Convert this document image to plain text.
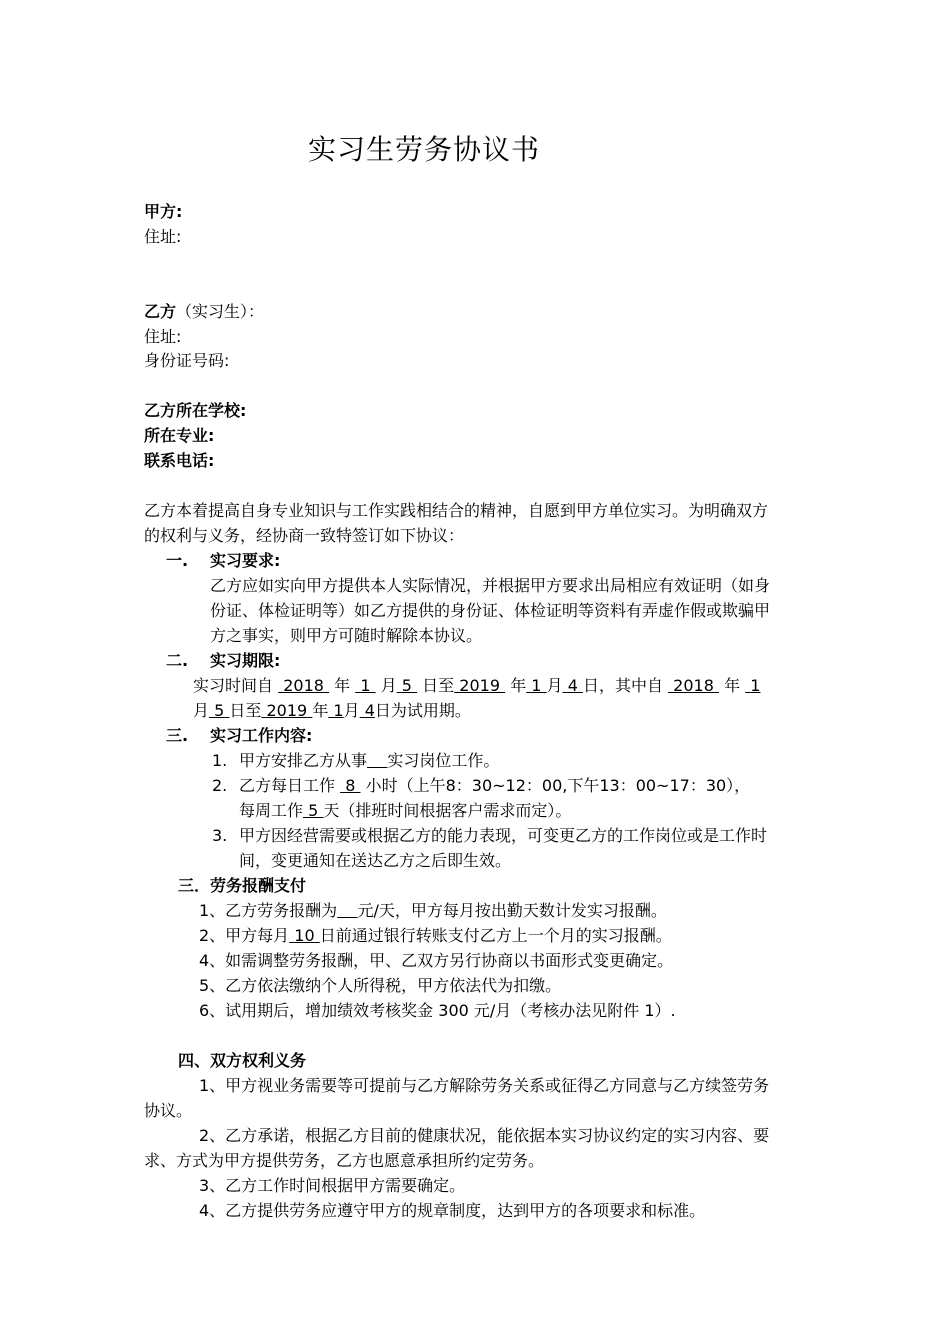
实习生劳务协议书
甲方:
住址:
乙方（实习生）：
住址:
身份证号码:
乙方所在学校:
所在专业:
联系电话:
乙方本着提高自身专业知识与工作实践相结合的精神，自愿到甲方单位实习。为明确双方
的权利与义务，经协商一致特签订如下协议：
一. 实习要求:
乙方应如实向甲方提供本人实际情况，并根据甲方要求出局相应有效证明（如身
份证、体检证明等）如乙方提供的身份证、体检证明等资料有弄虚作假或欺骗甲
方之事实，则甲方可随时解除本协议。
二. 实习期限:
实习时间自 2018 年 1 月 5 日至 2019 年 1 月 4 日，其中自 2018 年 1
月 5 日至 2019 年 1月 4日为试用期。
三. 实习工作内容:
1. 甲方安排乙方从事 实习岗位工作。
2. 乙方每日工作 8 小时（上午8：30~12：00,下午13：00~17：30），
每周工作 5 天（排班时间根据客户需求而定）。
3. 甲方因经营需要或根据乙方的能力表现，可变更乙方的工作岗位或是工作时
间，变更通知在送达乙方之后即生效。
三．劳务报酬支付
1、乙方劳务报酬为 元/天，甲方每月按出勤天数计发实习报酬。
2、甲方每月 10 日前通过银行转账支付乙方上一个月的实习报酬。
4、如需调整劳务报酬，甲、乙双方另行协商以书面形式变更确定。
5、乙方依法缴纳个人所得税，甲方依法代为扣缴。
6、试用期后，增加绩效考核奖金 300 元/月（考核办法见附件 1）.
四、双方权利义务
1、甲方视业务需要等可提前与乙方解除劳务关系或征得乙方同意与乙方续签劳务
协议。
2、乙方承诺，根据乙方目前的健康状况，能依据本实习协议约定的实习内容、要
求、方式为甲方提供劳务，乙方也愿意承担所约定劳务。
3、乙方工作时间根据甲方需要确定。
4、乙方提供劳务应遵守甲方的规章制度，达到甲方的各项要求和标准。
